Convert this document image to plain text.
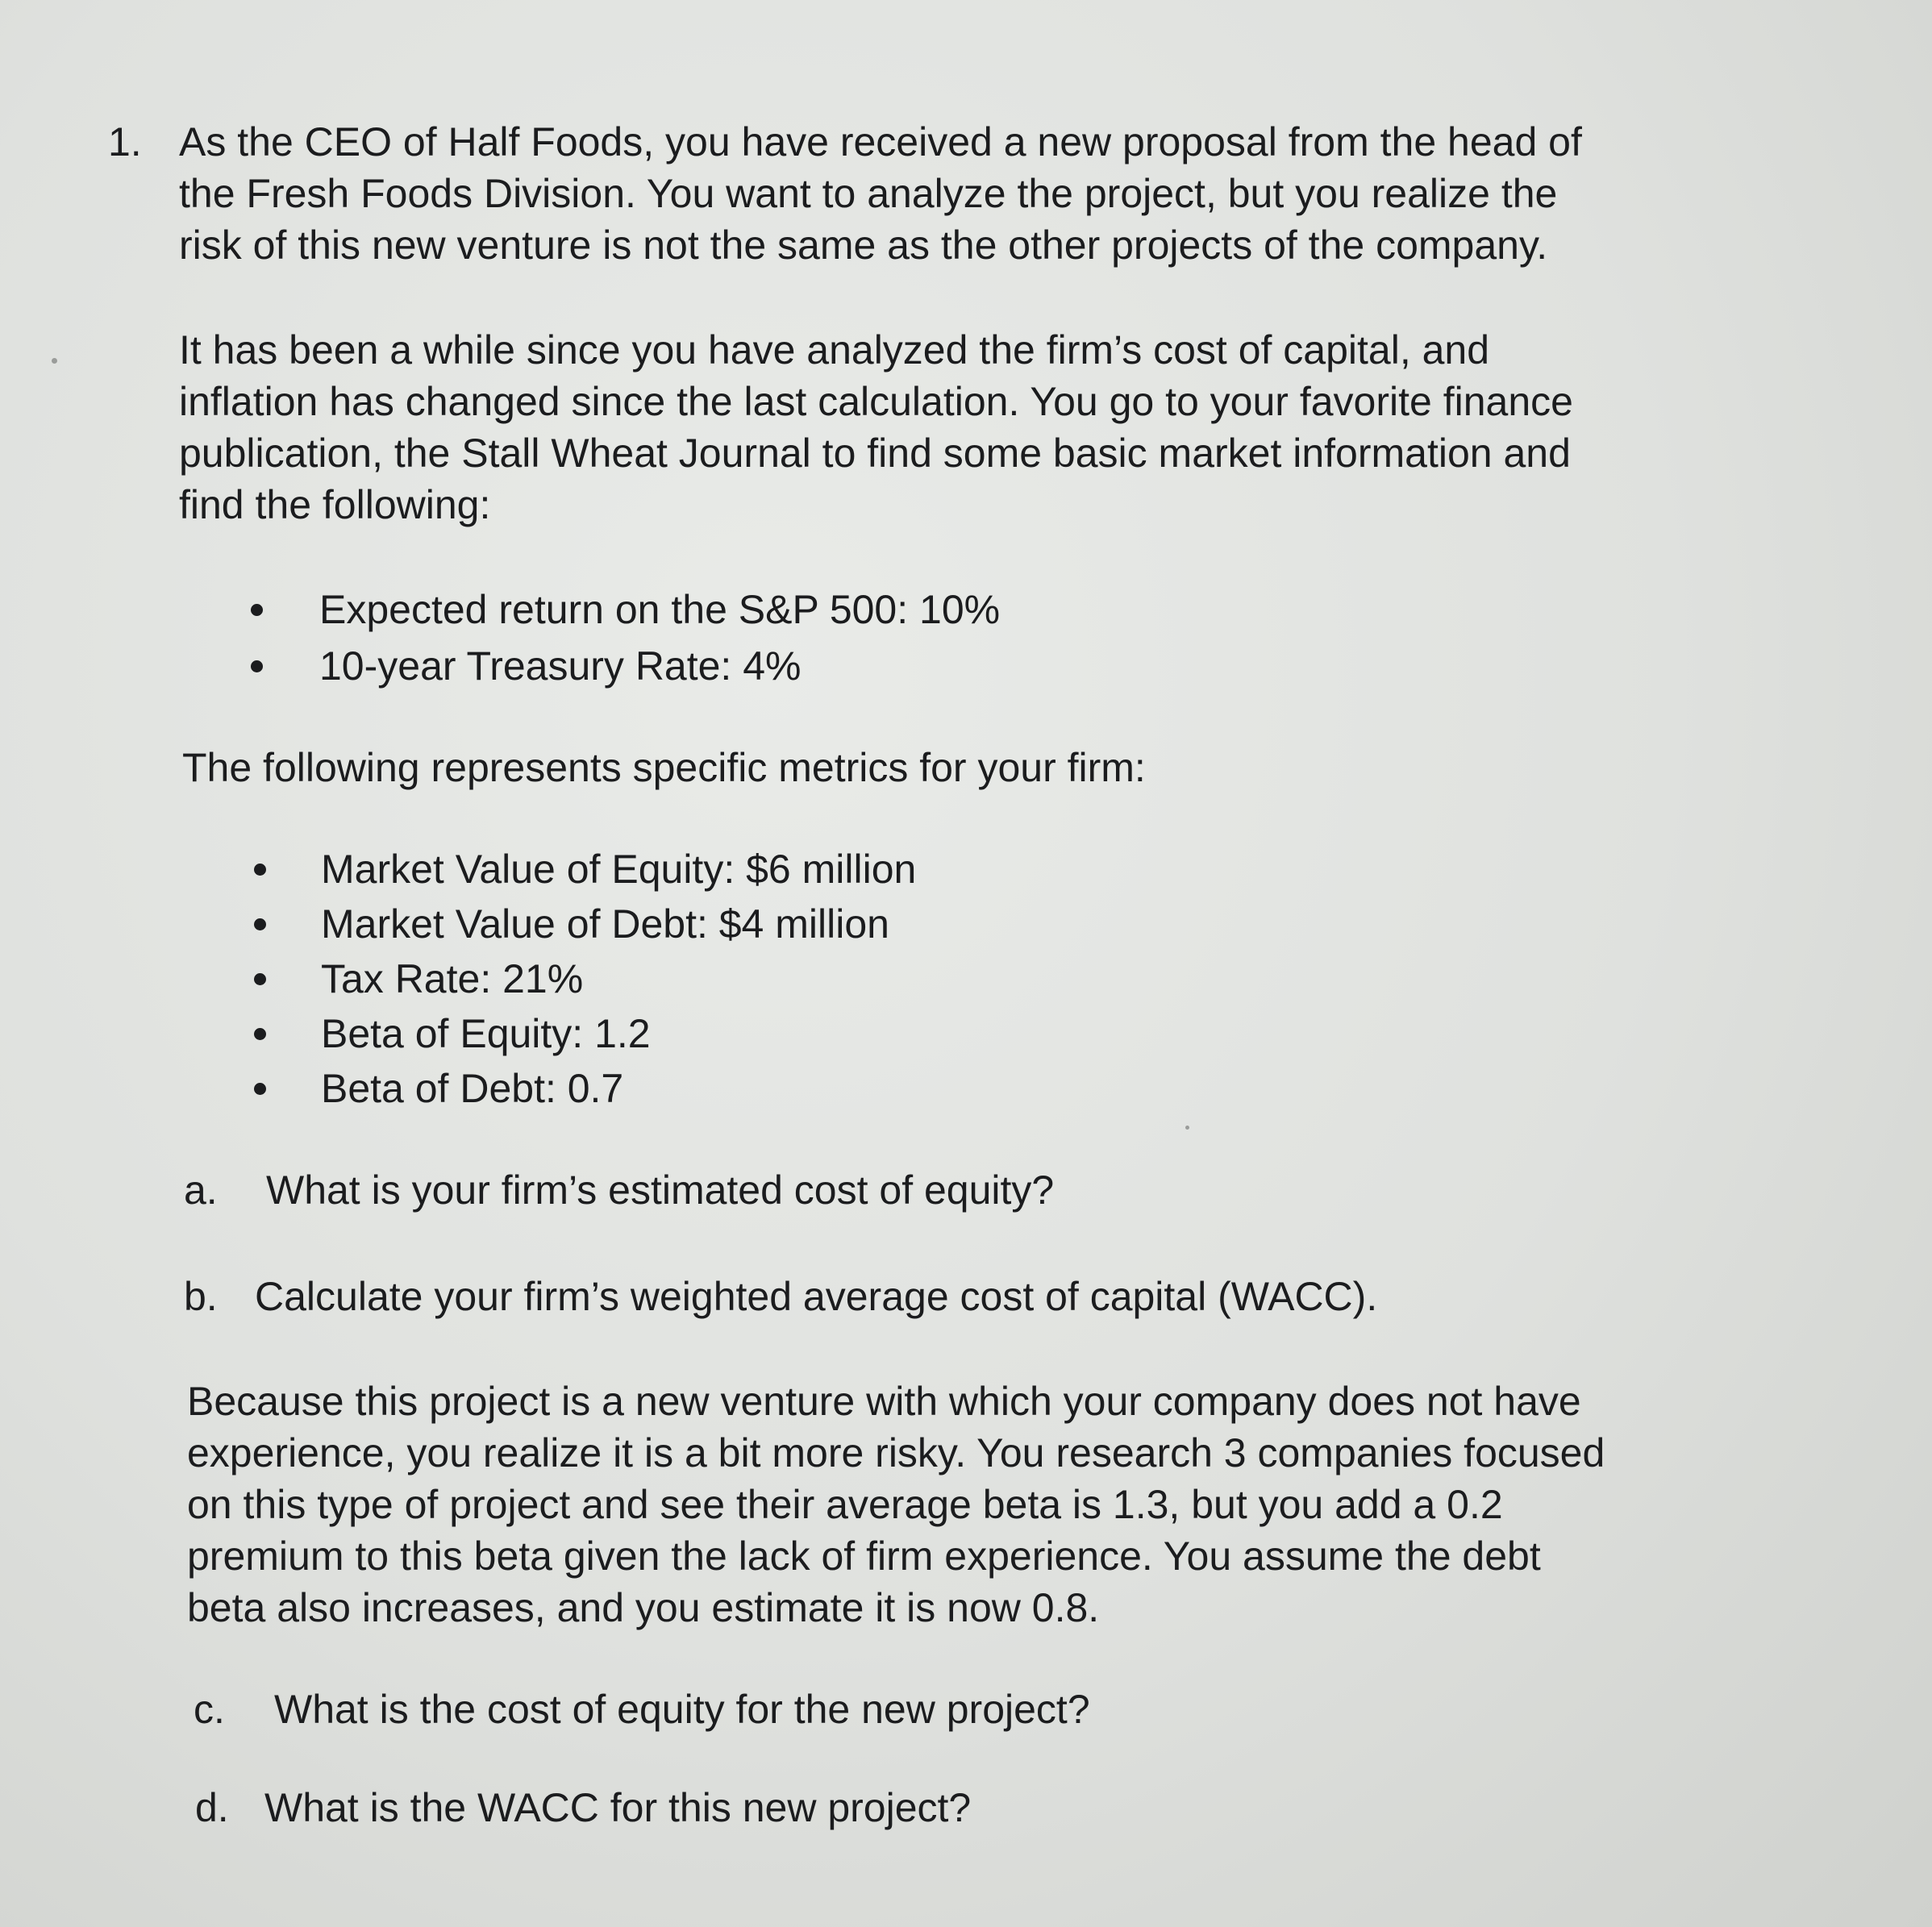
1. As the CEO of Half Foods, you have received a new proposal from the head of

the Fresh Foods Division. You want to analyze the project, but you realize the

risk of this new venture is not the same as the other projects of the company.

It has been a while since you have analyzed the firm’s cost of capital, and

inflation has changed since the last calculation. You go to your favorite finance

publication, the Stall Wheat Journal to find some basic market information and

find the following:

Expected return on the S&P 500: 10%

10-year Treasury Rate: 4%

The following represents specific metrics for your firm:

Market Value of Equity: $6 million

Market Value of Debt: $4 million

Tax Rate: 21%

Beta of Equity: 1.2

Beta of Debt: 0.7

a. What is your firm’s estimated cost of equity?
b. Calculate your firm’s weighted average cost of capital (WACC).

Because this project is a new venture with which your company does not have

experience, you realize it is a bit more risky. You research 3 companies focused

on this type of project and see their average beta is 1.3, but you add a 0.2

premium to this beta given the lack of firm experience. You assume the debt

beta also increases, and you estimate it is now 0.8.

c. What is the cost of equity for the new project?
d. What is the WACC for this new project?
